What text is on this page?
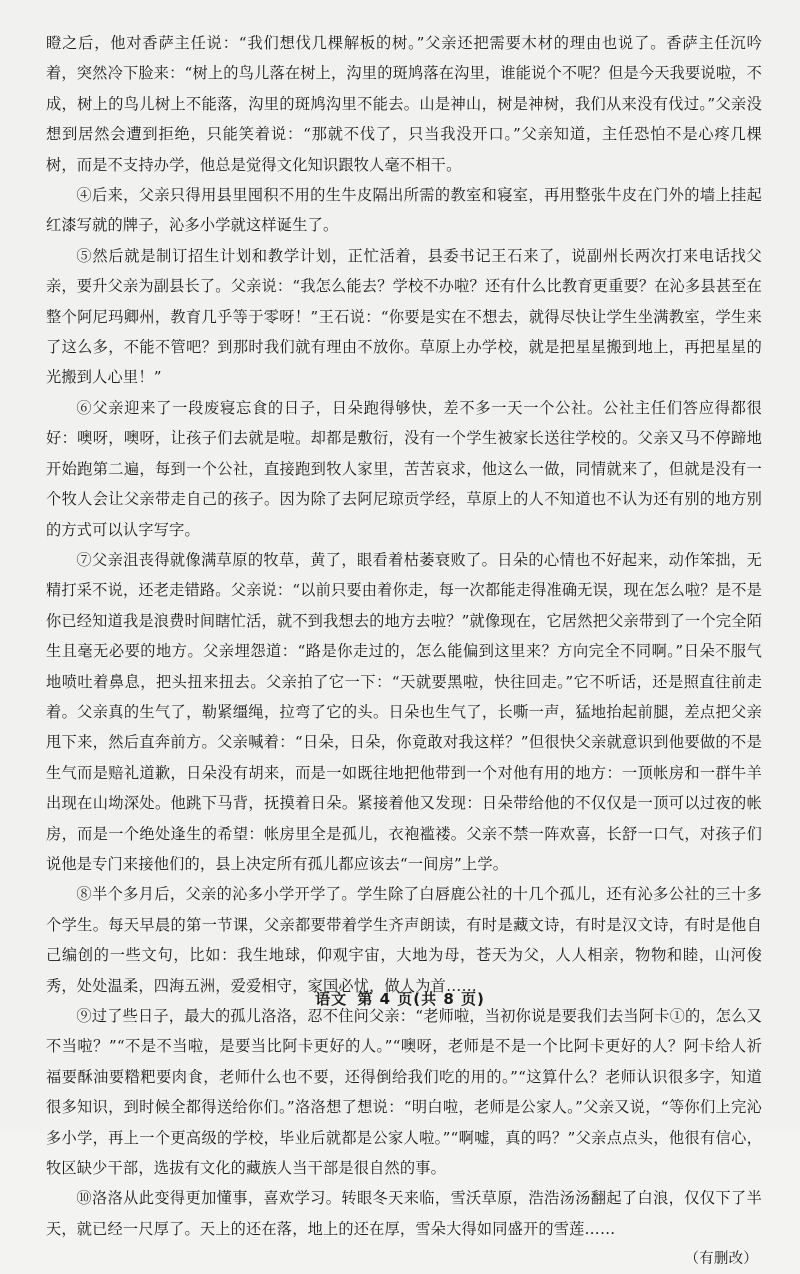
瞪之后，他对香萨主任说：“我们想伐几棵解板的树。”父亲还把需要木材的理由也说了。香萨主任沉吟着，突然冷下脸来：“树上的鸟儿落在树上，沟里的斑鸠落在沟里，谁能说个不呢？但是今天我要说啦，不成，树上的鸟儿树上不能落，沟里的斑鸠沟里不能去。山是神山，树是神树，我们从来没有伐过。”父亲没想到居然会遭到拒绝，只能笑着说：“那就不伐了，只当我没开口。”父亲知道，主任恐怕不是心疼几棵树，而是不支持办学，他总是觉得文化知识跟牧人毫不相干。

④后来，父亲只得用县里囤积不用的生牛皮隔出所需的教室和寝室，再用整张牛皮在门外的墙上挂起红漆写就的牌子，沁多小学就这样诞生了。

⑤然后就是制订招生计划和教学计划，正忙活着，县委书记王石来了，说副州长两次打来电话找父亲，要升父亲为副县长了。父亲说：“我怎么能去？学校不办啦？还有什么比教育更重要？在沁多县甚至在整个阿尼玛卿州，教育几乎等于零呀！”王石说：“你要是实在不想去，就得尽快让学生坐满教室，学生来了这么多，不能不管吧？到那时我们就有理由不放你。草原上办学校，就是把星星搬到地上，再把星星的光搬到人心里！”

⑥父亲迎来了一段废寝忘食的日子，日朵跑得够快，差不多一天一个公社。公社主任们答应得都很好：噢呀，噢呀，让孩子们去就是啦。却都是敷衍，没有一个学生被家长送往学校的。父亲又马不停蹄地开始跑第二遍，每到一个公社，直接跑到牧人家里，苦苦哀求，他这么一做，同情就来了，但就是没有一个牧人会让父亲带走自己的孩子。因为除了去阿尼琼贡学经，草原上的人不知道也不认为还有别的地方别的方式可以认字写字。

⑦父亲沮丧得就像满草原的牧草，黄了，眼看着枯萎衰败了。日朵的心情也不好起来，动作笨拙，无精打采不说，还老走错路。父亲说：“以前只要由着你走，每一次都能走得准确无误，现在怎么啦？是不是你已经知道我是浪费时间瞎忙活，就不到我想去的地方去啦？”就像现在，它居然把父亲带到了一个完全陌生且毫无必要的地方。父亲埋怨道：“路是你走过的，怎么能偏到这里来？方向完全不同啊。”日朵不服气地喷吐着鼻息，把头扭来扭去。父亲拍了它一下：“天就要黑啦，快往回走。”它不听话，还是照直往前走着。父亲真的生气了，勒紧缰绳，拉弯了它的头。日朵也生气了，长嘶一声，猛地抬起前腿，差点把父亲甩下来，然后直奔前方。父亲喊着：“日朵，日朵，你竟敢对我这样？”但很快父亲就意识到他要做的不是生气而是赔礼道歉，日朵没有胡来，而是一如既往地把他带到一个对他有用的地方：一顶帐房和一群牛羊出现在山坳深处。他跳下马背，抚摸着日朵。紧接着他又发现：日朵带给他的不仅仅是一顶可以过夜的帐房，而是一个绝处逢生的希望：帐房里全是孤儿，衣袍褴褛。父亲不禁一阵欢喜，长舒一口气，对孩子们说他是专门来接他们的，县上决定所有孤儿都应该去“一间房”上学。

⑧半个多月后，父亲的沁多小学开学了。学生除了白唇鹿公社的十几个孤儿，还有沁多公社的三十多个学生。每天早晨的第一节课，父亲都要带着学生齐声朗读，有时是藏文诗，有时是汉文诗，有时是他自己编创的一些文句，比如：我生地球，仰观宇宙，大地为母，苍天为父，人人相亲，物物和睦，山河俊秀，处处温柔，四海五洲，爱爱相守，家国必忧，做人为首……

⑨过了些日子，最大的孤儿洛洛，忍不住问父亲：“老师啦，当初你说是要我们去当阿卡①的，怎么又不当啦？”“不是不当啦，是要当比阿卡更好的人。”“噢呀，老师是不是一个比阿卡更好的人？阿卡给人祈福要酥油要糌粑要肉食，老师什么也不要，还得倒给我们吃的用的。”“这算什么？老师认识很多字，知道很多知识，到时候全都得送给你们。”洛洛想了想说：“明白啦，老师是公家人。”父亲又说，“等你们上完沁多小学，再上一个更高级的学校，毕业后就都是公家人啦。”“啊嘘，真的吗？”父亲点点头，他很有信心，牧区缺少干部，选拔有文化的藏族人当干部是很自然的事。

⑩洛洛从此变得更加懂事，喜欢学习。转眼冬天来临，雪沃草原，浩浩汤汤翻起了白浪，仅仅下了半天，就已经一尺厚了。天上的还在落，地上的还在厚，雪朵大得如同盛开的雪莲……

（有删改）

语文 第 4 页(共 8 页)
